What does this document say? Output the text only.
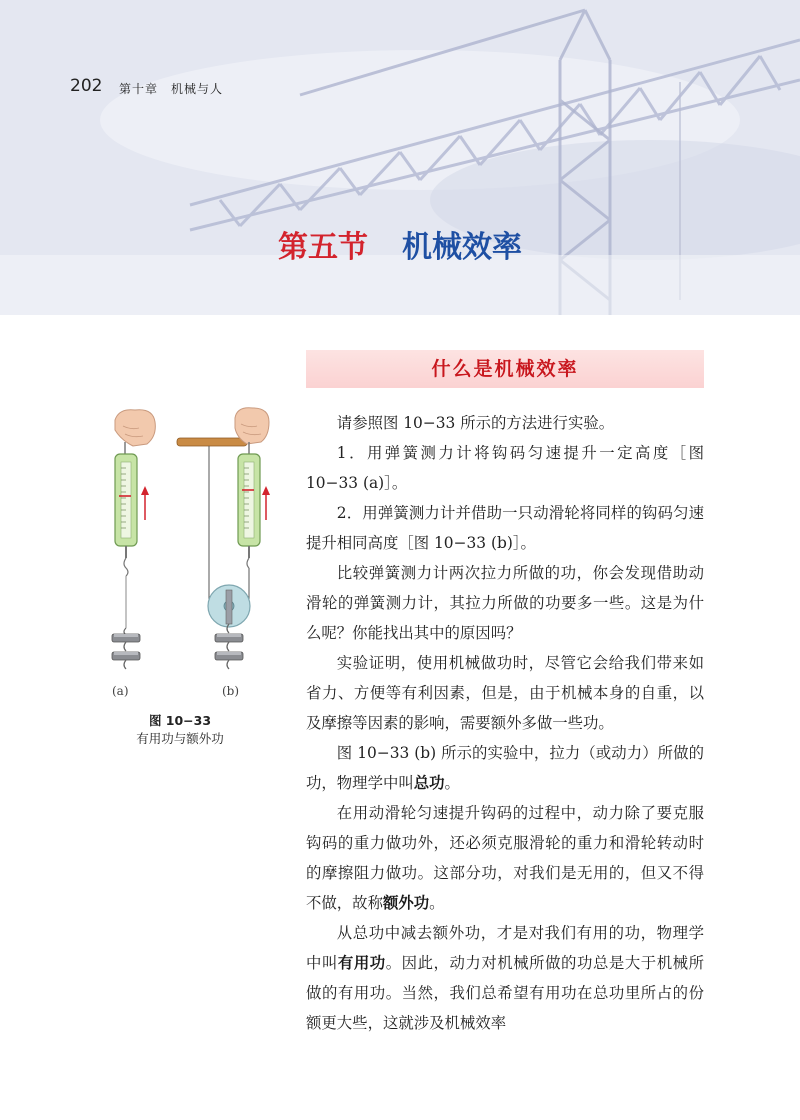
202 第十章　机械与人
第五节 机械效率
什么是机械效率
(a)	(b)
图 10−33
有用功与额外功

请参照图 10−33 所示的方法进行实验。

1．用弹簧测力计将钩码匀速提升一定高度［图 10−33 (a)］。

2．用弹簧测力计并借助一只动滑轮将同样的钩码匀速提升相同高度［图 10−33 (b)］。

比较弹簧测力计两次拉力所做的功，你会发现借助动滑轮的弹簧测力计，其拉力所做的功要多一些。这是为什么呢？你能找出其中的原因吗？

实验证明，使用机械做功时，尽管它会给我们带来如省力、方便等有利因素，但是，由于机械本身的自重，以及摩擦等因素的影响，需要额外多做一些功。

图 10−33 (b) 所示的实验中，拉力（或动力）所做的功，物理学中叫总功。

在用动滑轮匀速提升钩码的过程中，动力除了要克服钩码的重力做功外，还必须克服滑轮的重力和滑轮转动时的摩擦阻力做功。这部分功，对我们是无用的，但又不得不做，故称额外功。

从总功中减去额外功，才是对我们有用的功，物理学中叫有用功。因此，动力对机械所做的功总是大于机械所做的有用功。当然，我们总希望有用功在总功里所占的份额更大些，这就涉及机械效率
